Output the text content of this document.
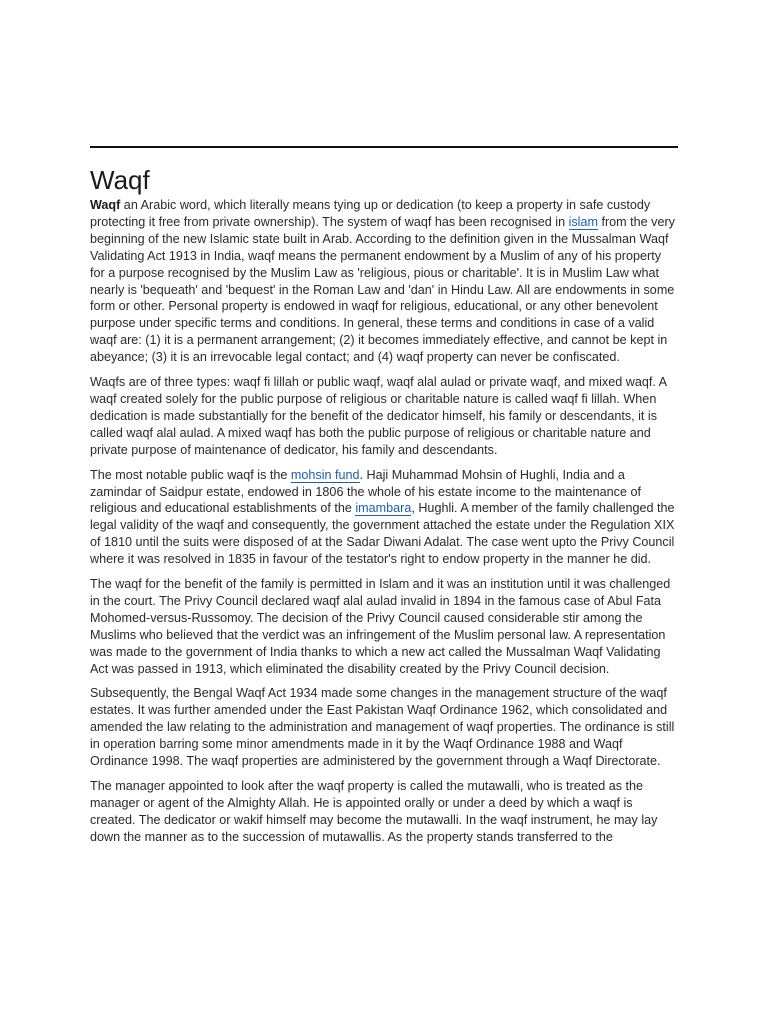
Waqf

Waqf an Arabic word, which literally means tying up or dedication (to keep a property in safe custody protecting it free from private ownership). The system of waqf has been recognised in islam from the very beginning of the new Islamic state built in Arab. According to the definition given in the Mussalman Waqf Validating Act 1913 in India, waqf means the permanent endowment by a Muslim of any of his property for a purpose recognised by the Muslim Law as 'religious, pious or charitable'. It is in Muslim Law what nearly is 'bequeath' and 'bequest' in the Roman Law and 'dan' in Hindu Law. All are endowments in some form or other. Personal property is endowed in waqf for religious, educational, or any other benevolent purpose under specific terms and conditions. In general, these terms and conditions in case of a valid waqf are: (1) it is a permanent arrangement; (2) it becomes immediately effective, and cannot be kept in abeyance; (3) it is an irrevocable legal contact; and (4) waqf property can never be confiscated.

Waqfs are of three types: waqf fi lillah or public waqf, waqf alal aulad or private waqf, and mixed waqf. A waqf created solely for the public purpose of religious or charitable nature is called waqf fi lillah. When dedication is made substantially for the benefit of the dedicator himself, his family or descendants, it is called waqf alal aulad. A mixed waqf has both the public purpose of religious or charitable nature and private purpose of maintenance of dedicator, his family and descendants.

The most notable public waqf is the mohsin fund. Haji Muhammad Mohsin of Hughli, India and a zamindar of Saidpur estate, endowed in 1806 the whole of his estate income to the maintenance of religious and educational establishments of the imambara, Hughli. A member of the family challenged the legal validity of the waqf and consequently, the government attached the estate under the Regulation XIX of 1810 until the suits were disposed of at the Sadar Diwani Adalat. The case went upto the Privy Council where it was resolved in 1835 in favour of the testator's right to endow property in the manner he did.

The waqf for the benefit of the family is permitted in Islam and it was an institution until it was challenged in the court. The Privy Council declared waqf alal aulad invalid in 1894 in the famous case of Abul Fata Mohomed-versus-Russomoy. The decision of the Privy Council caused considerable stir among the Muslims who believed that the verdict was an infringement of the Muslim personal law. A representation was made to the government of India thanks to which a new act called the Mussalman Waqf Validating Act was passed in 1913, which eliminated the disability created by the Privy Council decision.

Subsequently, the Bengal Waqf Act 1934 made some changes in the management structure of the waqf estates. It was further amended under the East Pakistan Waqf Ordinance 1962, which consolidated and amended the law relating to the administration and management of waqf properties. The ordinance is still in operation barring some minor amendments made in it by the Waqf Ordinance 1988 and Waqf Ordinance 1998. The waqf properties are administered by the government through a Waqf Directorate.

The manager appointed to look after the waqf property is called the mutawalli, who is treated as the manager or agent of the Almighty Allah. He is appointed orally or under a deed by which a waqf is created. The dedicator or wakif himself may become the mutawalli. In the waqf instrument, he may lay down the manner as to the succession of mutawallis. As the property stands transferred to the
